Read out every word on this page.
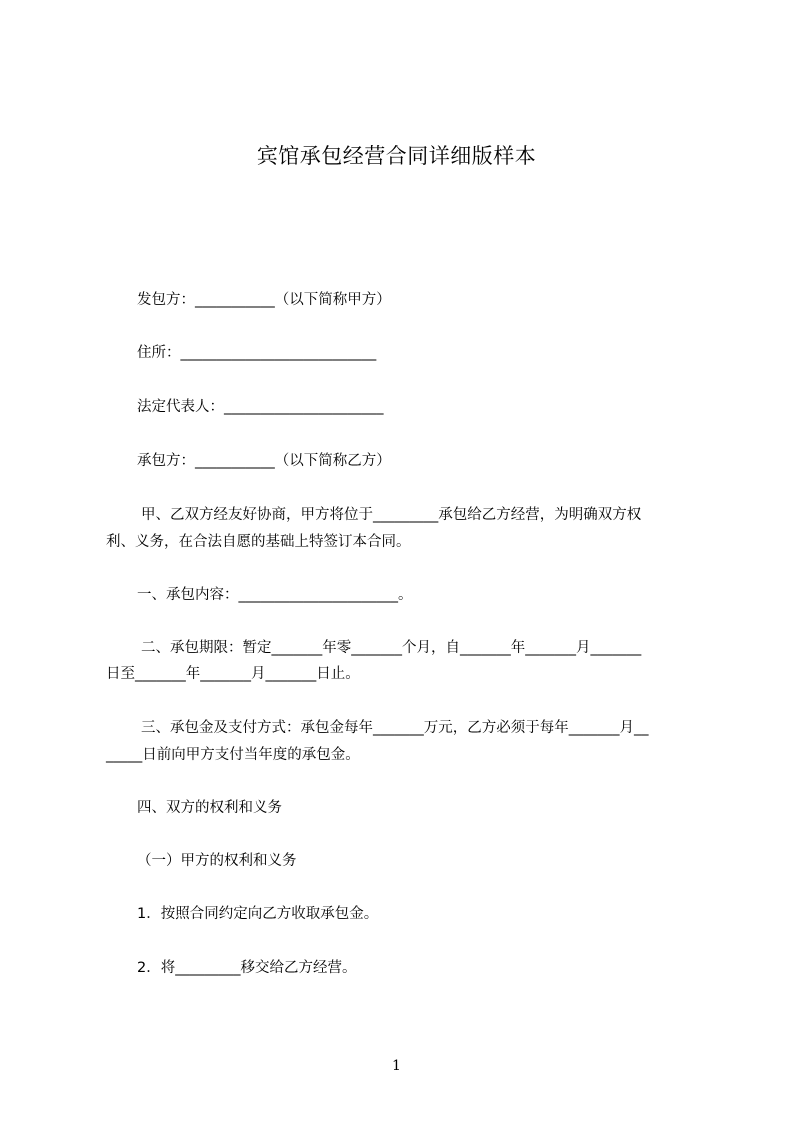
宾馆承包经营合同详细版样本
发包方：___________（以下简称甲方）
住所：___________________________
法定代表人：______________________
承包方：___________（以下简称乙方）
甲、乙双方经友好协商，甲方将位于_________承包给乙方经营，为明确双方权
利、义务，在合法自愿的基础上特签订本合同。
一、承包内容：______________________。
二、承包期限：暂定_______年零_______个月，自_______年_______月_______
日至_______年_______月_______日止。
三、承包金及支付方式：承包金每年_______万元，乙方必须于每年_______月__
_____日前向甲方支付当年度的承包金。
四、双方的权利和义务
（一）甲方的权利和义务
1．按照合同约定向乙方收取承包金。
2．将_________移交给乙方经营。
1
